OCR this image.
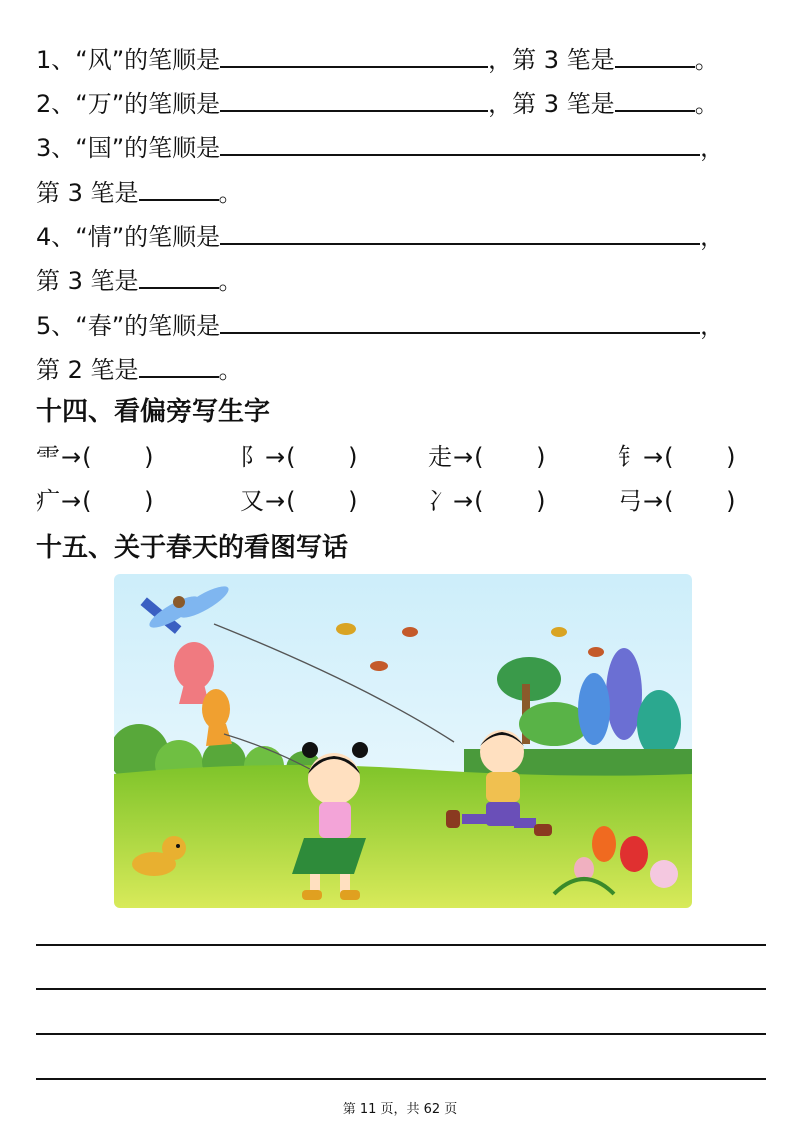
1、“风”的笔顺是	，第 3 笔是	。
2、“万”的笔顺是	，第 3 笔是	。
3、“国”的笔顺是	，
第 3 笔是	。
4、“情”的笔顺是	，
第 3 笔是	。
5、“春”的笔顺是	，
第 2 笔是	。
十四、看偏旁写生字
⻗→( )	阝→( )	走→( )	钅→( )
疒→( )	又→( )	冫→( )	弓→( )
十五、关于春天的看图写话
第 11 页，共 62 页
